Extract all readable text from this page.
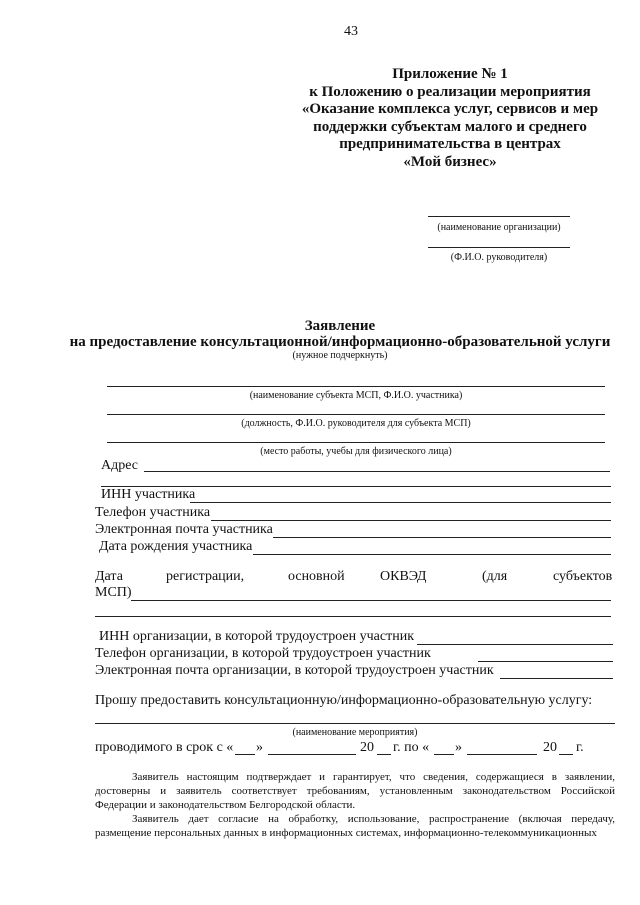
43
Приложение № 1
к Положению о реализации мероприятия
«Оказание комплекса услуг, сервисов и мер
поддержки субъектам малого и среднего
предпринимательства в центрах
«Мой бизнес»
(наименование организации)
(Ф.И.О. руководителя)
Заявление
на предоставление консультационной/информационно-образовательной услуги
(нужное подчеркнуть)
(наименование субъекта МСП, Ф.И.О. участника)
(должность, Ф.И.О. руководителя для субъекта МСП)
(место работы, учебы для физического лица)
Адрес
ИНН участника
Телефон участника
Электронная почта участника
Дата рождения участника
Дата	регистрации,	основной	ОКВЭД	(для	субъектов
МСП)
ИНН организации, в которой трудоустроен участник
Телефон организации, в которой трудоустроен участник
Электронная почта организации, в которой трудоустроен участник
Прошу предоставить консультационную/информационно-образовательную услугу:
(наименование мероприятия)
проводимого в срок с « »	20 г. по « »	20 г.
Заявитель настоящим подтверждает и гарантирует, что сведения, содержащиеся в заявлении, достоверны и заявитель соответствует требованиям, установленным законодательством Российской Федерации и законодательством Белгородской области.
Заявитель дает согласие на обработку, использование, распространение (включая передачу, размещение персональных данных в информационных системах, информационно-телекоммуникационных
